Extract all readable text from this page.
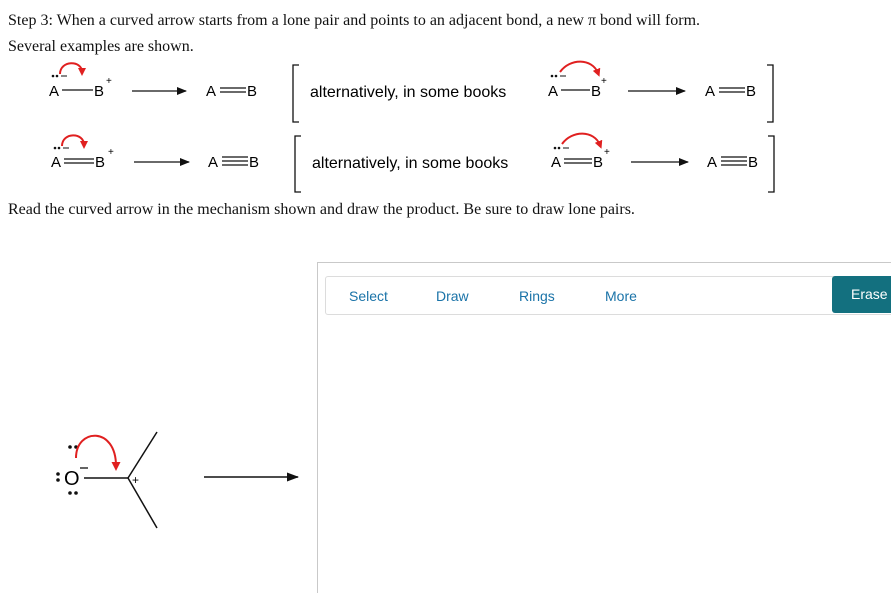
Step 3: When a curved arrow starts from a lone pair and points to an adjacent bond, a new π bond will form.
Several examples are shown.
A B
+
A B	alternatively, in some books	A B
+
A B
A B
+
A B	alternatively, in some books	A B
+
A B
Read the curved arrow in the mechanism shown and draw the product. Be sure to draw lone pairs.
O	+
Select	Draw	Rings	More	Erase
